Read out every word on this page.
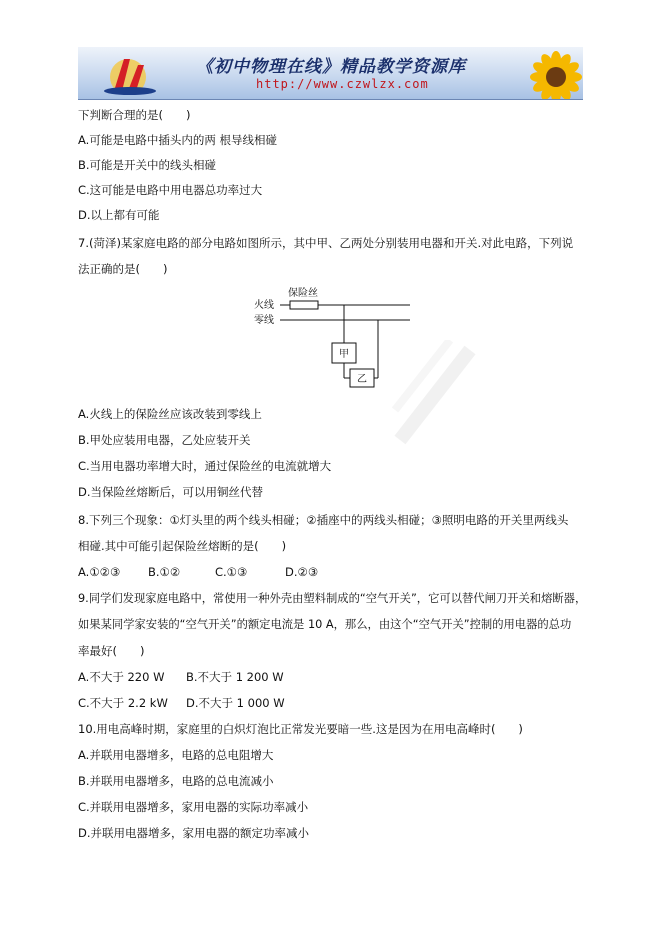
《初中物理在线》精品教学资源库
http://www.czwlzx.com
下判断合理的是(　　)
A.可能是电路中插头内的两 根导线相碰
B.可能是开关中的线头相碰
C.这可能是电路中用电器总功率过大
D.以上都有可能
7.(菏泽)某家庭电路的部分电路如图所示，其中甲、乙两处分别装用电器和开关.对此电路，下列说
法正确的是(　　)
火线
零线
保险丝
甲
乙
A.火线上的保险丝应该改装到零线上
B.甲处应装用电器，乙处应装开关
C.当用电器功率增大时，通过保险丝的电流就增大
D.当保险丝熔断后，可以用铜丝代替
8.下列三个现象：①灯头里的两个线头相碰；②插座中的两线头相碰；③照明电路的开关里两线头
相碰.其中可能引起保险丝熔断的是(　　)
A.①②③ B.①②	C.①③	D.②③
9.同学们发现家庭电路中，常使用一种外壳由塑料制成的“空气开关”，它可以替代闸刀开关和熔断器，
如果某同学家安装的“空气开关”的额定电流是 10 A，那么，由这个“空气开关”控制的用电器的总功
率最好(　　)
A.不大于 220 W B.不大于 1 200 W
C.不大于 2.2 kW D.不大于 1 000 W
10.用电高峰时期，家庭里的白炽灯泡比正常发光要暗一些.这是因为在用电高峰时(　　)
A.并联用电器增多，电路的总电阻增大
B.并联用电器增多，电路的总电流减小
C.并联用电器增多，家用电器的实际功率减小
D.并联用电器增多，家用电器的额定功率减小
